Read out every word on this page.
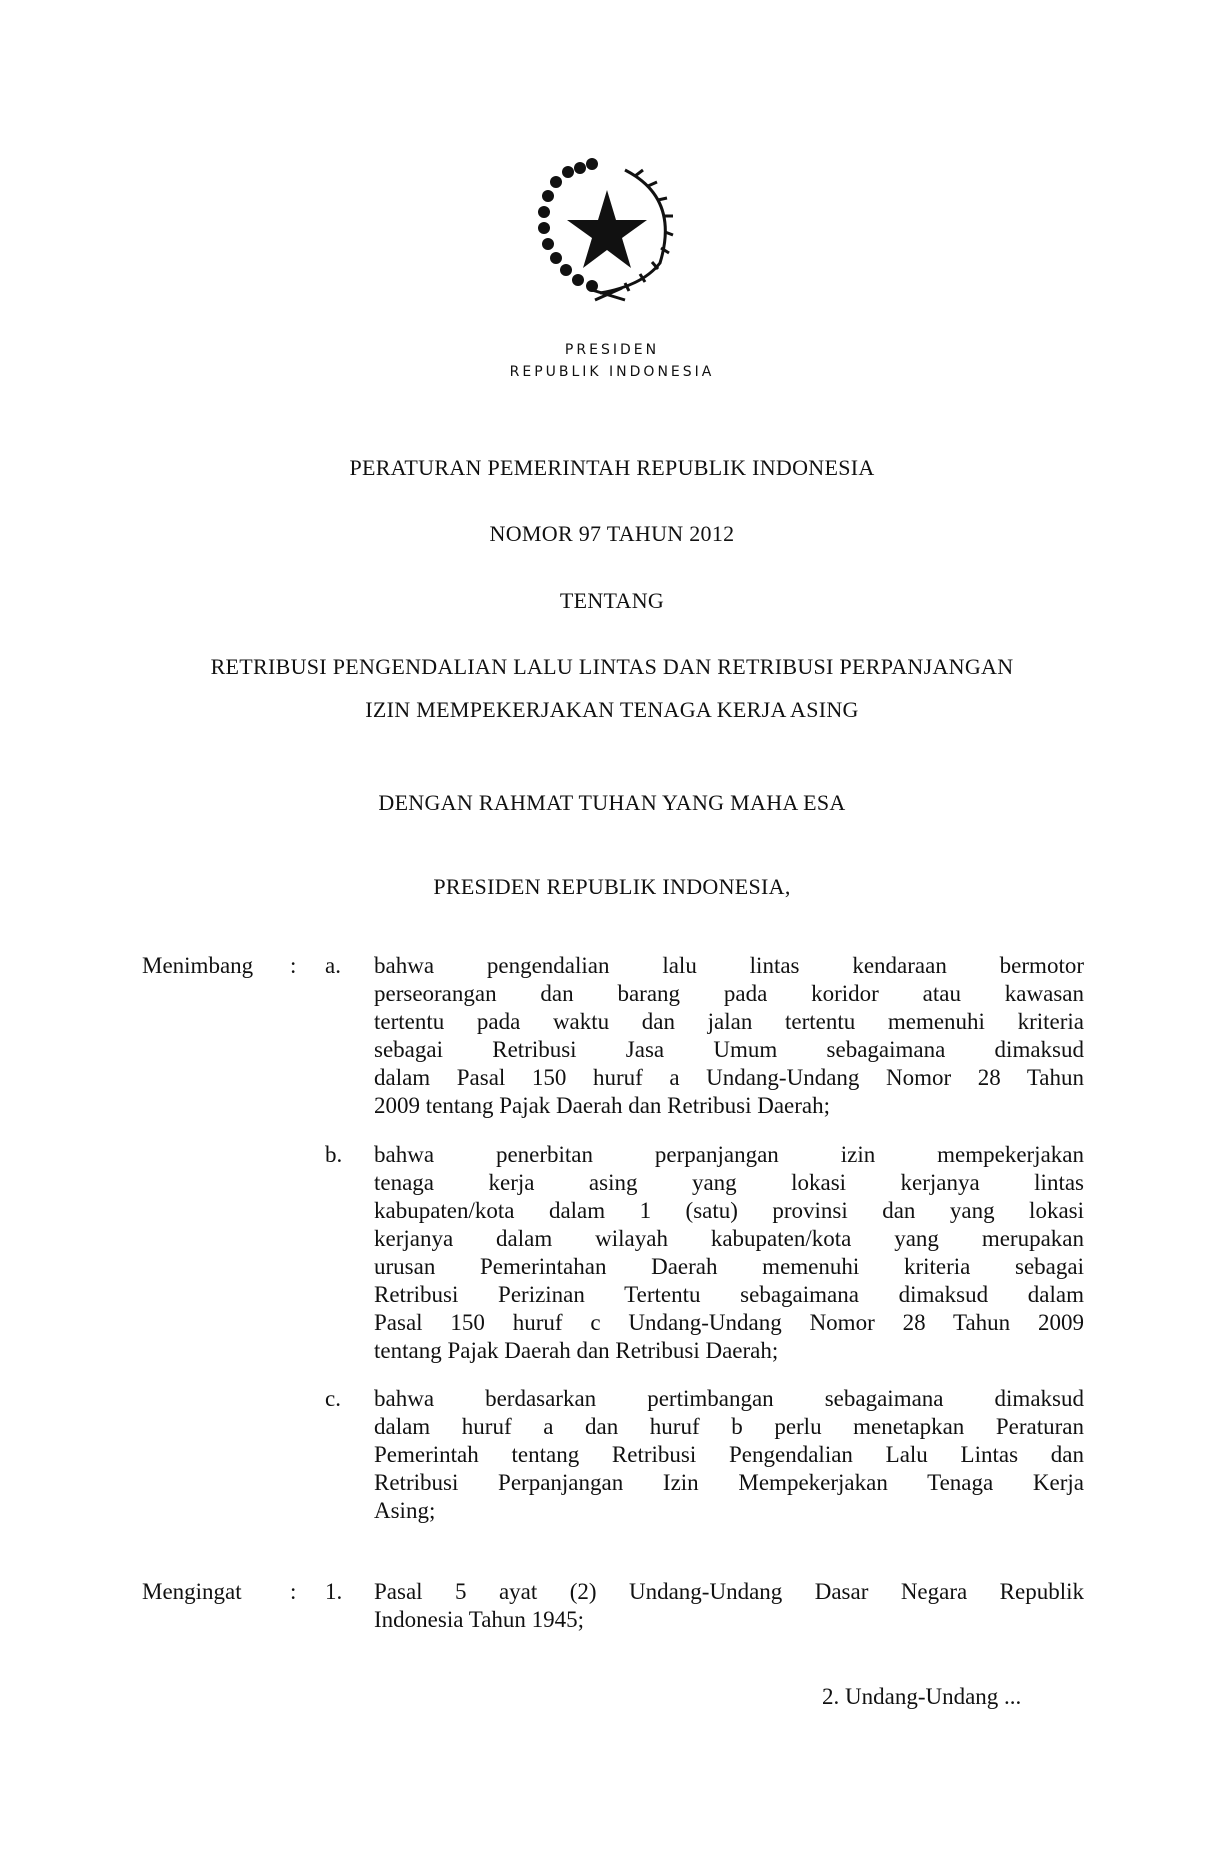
PRESIDEN
REPUBLIK INDONESIA
PERATURAN PEMERINTAH REPUBLIK INDONESIA
NOMOR 97 TAHUN 2012
TENTANG
RETRIBUSI PENGENDALIAN LALU LINTAS DAN RETRIBUSI PERPANJANGAN
IZIN MEMPEKERJAKAN TENAGA KERJA ASING
DENGAN RAHMAT TUHAN YANG MAHA ESA
PRESIDEN REPUBLIK INDONESIA,
Menimbang : a. bahwa pengendalian lalu lintas kendaraan bermotor
perseorangan dan barang pada koridor atau kawasan
tertentu pada waktu dan jalan tertentu memenuhi kriteria
sebagai Retribusi Jasa Umum sebagaimana dimaksud
dalam Pasal 150 huruf a Undang-Undang Nomor 28 Tahun
2009 tentang Pajak Daerah dan Retribusi Daerah;
b. bahwa penerbitan perpanjangan izin mempekerjakan
tenaga kerja asing yang lokasi kerjanya lintas
kabupaten/kota dalam 1 (satu) provinsi dan yang lokasi
kerjanya dalam wilayah kabupaten/kota yang merupakan
urusan Pemerintahan Daerah memenuhi kriteria sebagai
Retribusi Perizinan Tertentu sebagaimana dimaksud dalam
Pasal 150 huruf c Undang-Undang Nomor 28 Tahun 2009
tentang Pajak Daerah dan Retribusi Daerah;
c. bahwa berdasarkan pertimbangan sebagaimana dimaksud
dalam huruf a dan huruf b perlu menetapkan Peraturan
Pemerintah tentang Retribusi Pengendalian Lalu Lintas dan
Retribusi Perpanjangan Izin Mempekerjakan Tenaga Kerja
Asing;
Mengingat : 1. Pasal 5 ayat (2) Undang-Undang Dasar Negara Republik
Indonesia Tahun 1945;
2. Undang-Undang ...
